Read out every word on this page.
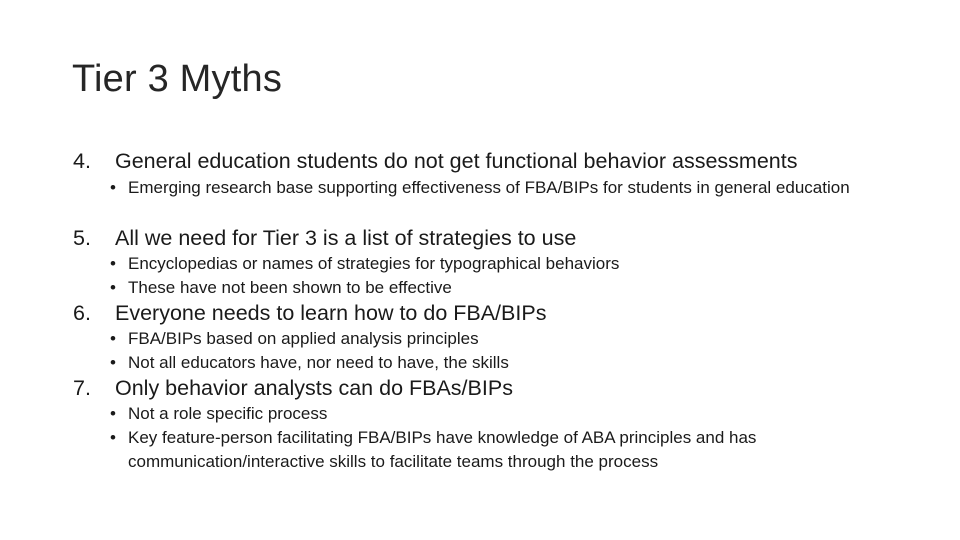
Tier 3 Myths
4. General education students do not get functional behavior assessments
• Emerging research base supporting effectiveness of FBA/BIPs for students in general education
5. All we need for Tier 3 is a list of strategies to use
• Encyclopedias or names of strategies for typographical behaviors
• These have not been shown to be effective
6. Everyone needs to learn how to do FBA/BIPs
• FBA/BIPs based on applied analysis principles
• Not all educators have, nor need to have, the skills
7. Only behavior analysts can do FBAs/BIPs
• Not a role specific process
• Key feature-person facilitating FBA/BIPs have knowledge of ABA principles and has communication/interactive skills to facilitate teams through the process
